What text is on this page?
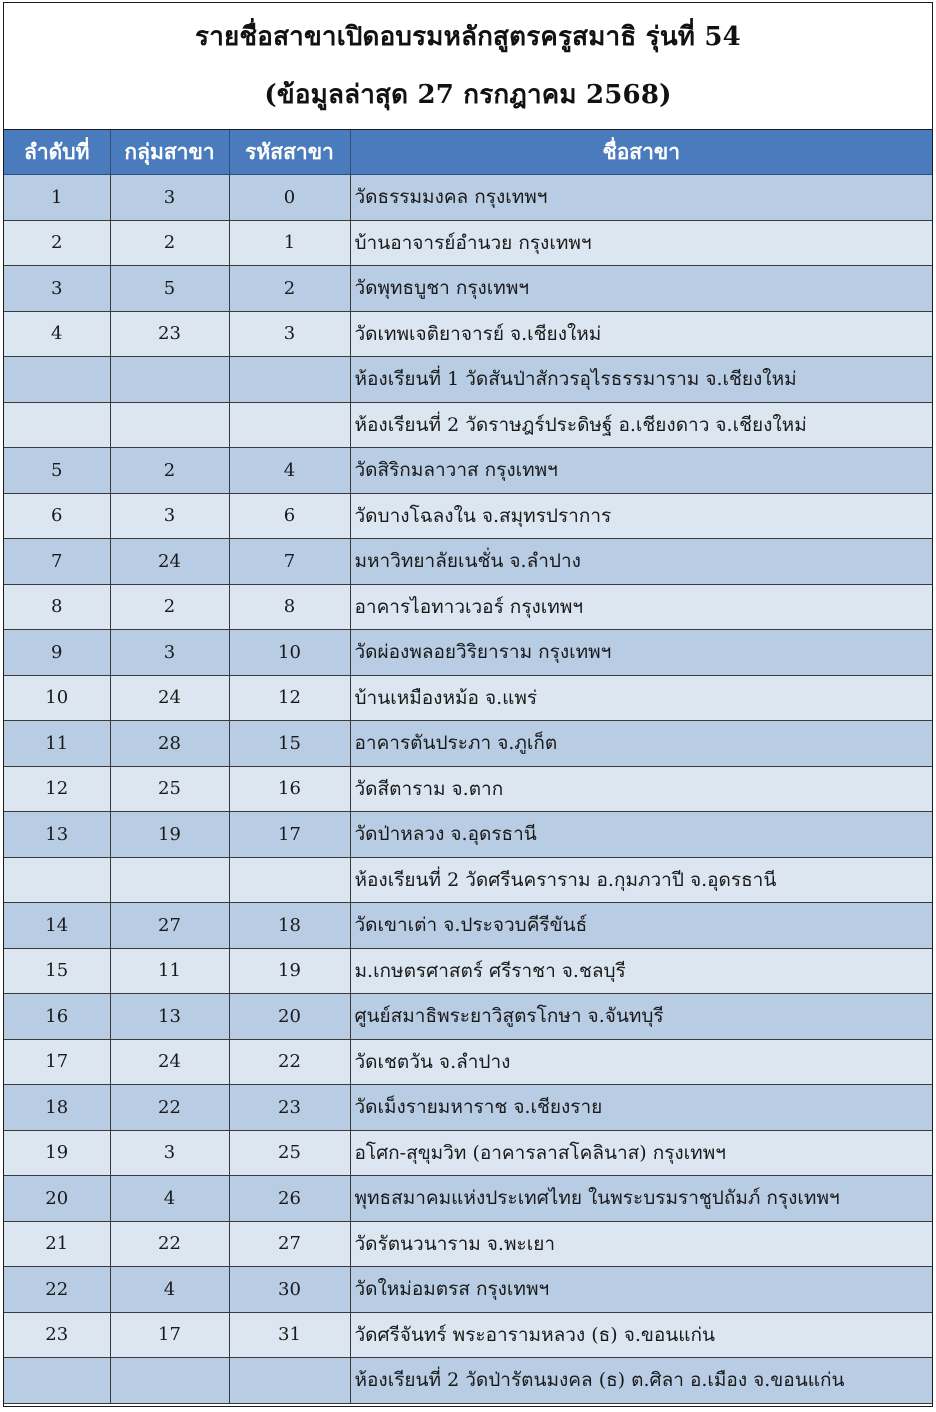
รายชื่อสาขาเปิดอบรมหลักสูตรครูสมาธิ รุ่นที่ 54
(ข้อมูลล่าสุด 27 กรกฎาคม 2568)
ลำดับที่	กลุ่มสาขา	รหัสสาขา	ชื่อสาขา
1	3	0	วัดธรรมมงคล กรุงเทพฯ
2	2	1	บ้านอาจารย์อำนวย กรุงเทพฯ
3	5	2	วัดพุทธบูชา กรุงเทพฯ
4	23	3	วัดเทพเจติยาจารย์ จ.เชียงใหม่
			ห้องเรียนที่ 1 วัดสันป่าสักวรอุไรธรรมาราม จ.เชียงใหม่
			ห้องเรียนที่ 2 วัดราษฎร์ประดิษฐ์ อ.เชียงดาว จ.เชียงใหม่
5	2	4	วัดสิริกมลาวาส กรุงเทพฯ
6	3	6	วัดบางโฉลงใน จ.สมุทรปราการ
7	24	7	มหาวิทยาลัยเนชั่น จ.ลำปาง
8	2	8	อาคารไอทาวเวอร์ กรุงเทพฯ
9	3	10	วัดผ่องพลอยวิริยาราม กรุงเทพฯ
10	24	12	บ้านเหมืองหม้อ จ.แพร่
11	28	15	อาคารตันประภา จ.ภูเก็ต
12	25	16	วัดสีตาราม จ.ตาก
13	19	17	วัดป่าหลวง จ.อุดรธานี
			ห้องเรียนที่ 2 วัดศรีนคราราม อ.กุมภวาปี จ.อุดรธานี
14	27	18	วัดเขาเต่า จ.ประจวบคีรีขันธ์
15	11	19	ม.เกษตรศาสตร์ ศรีราชา จ.ชลบุรี
16	13	20	ศูนย์สมาธิพระยาวิสูตรโกษา จ.จันทบุรี
17	24	22	วัดเชตวัน จ.ลำปาง
18	22	23	วัดเม็งรายมหาราช จ.เชียงราย
19	3	25	อโศก-สุขุมวิท (อาคารลาสโคลินาส) กรุงเทพฯ
20	4	26	พุทธสมาคมแห่งประเทศไทย ในพระบรมราชูปถัมภ์ กรุงเทพฯ
21	22	27	วัดรัตนวนาราม จ.พะเยา
22	4	30	วัดใหม่อมตรส กรุงเทพฯ
23	17	31	วัดศรีจันทร์ พระอารามหลวง (ธ) จ.ขอนแก่น
			ห้องเรียนที่ 2 วัดป่ารัตนมงคล (ธ) ต.ศิลา อ.เมือง จ.ขอนแก่น
